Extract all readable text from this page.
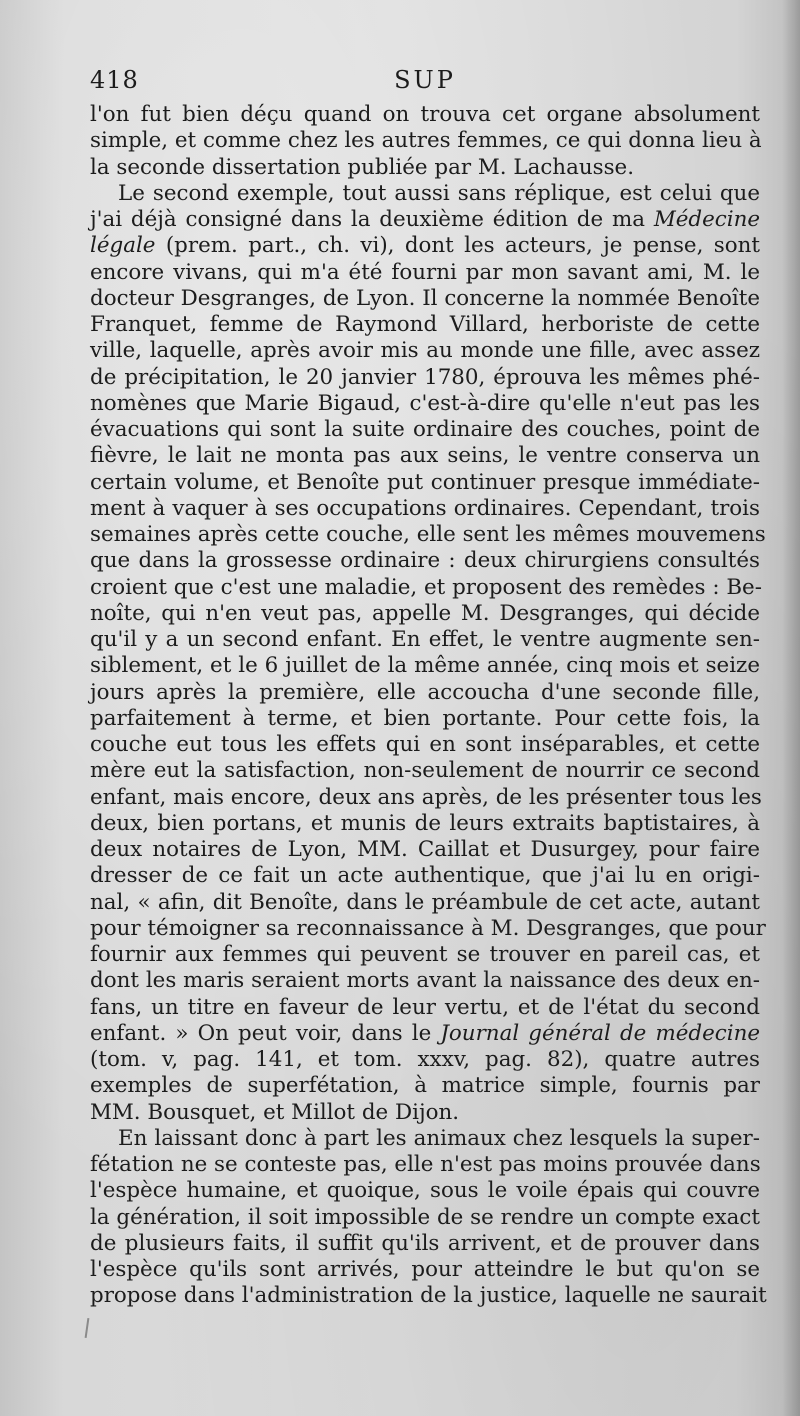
SUP
418
l'on fut bien déçu quand on trouva cet organe absolument
simple, et comme chez les autres femmes, ce qui donna lieu à
la seconde dissertation publiée par M. Lachausse.
Le second exemple, tout aussi sans réplique, est celui que
j'ai déjà consigné dans la deuxième édition de ma Médecine
légale (prem. part., ch. vi), dont les acteurs, je pense, sont
encore vivans, qui m'a été fourni par mon savant ami, M. le
docteur Desgranges, de Lyon. Il concerne la nommée Benoîte
Franquet, femme de Raymond Villard, herboriste de cette
ville, laquelle, après avoir mis au monde une fille, avec assez
de précipitation, le 20 janvier 1780, éprouva les mêmes phé-
nomènes que Marie Bigaud, c'est-à-dire qu'elle n'eut pas les
évacuations qui sont la suite ordinaire des couches, point de
fièvre, le lait ne monta pas aux seins, le ventre conserva un
certain volume, et Benoîte put continuer presque immédiate-
ment à vaquer à ses occupations ordinaires. Cependant, trois
semaines après cette couche, elle sent les mêmes mouvemens
que dans la grossesse ordinaire : deux chirurgiens consultés
croient que c'est une maladie, et proposent des remèdes : Be-
noîte, qui n'en veut pas, appelle M. Desgranges, qui décide
qu'il y a un second enfant. En effet, le ventre augmente sen-
siblement, et le 6 juillet de la même année, cinq mois et seize
jours après la première, elle accoucha d'une seconde fille,
parfaitement à terme, et bien portante. Pour cette fois, la
couche eut tous les effets qui en sont inséparables, et cette
mère eut la satisfaction, non-seulement de nourrir ce second
enfant, mais encore, deux ans après, de les présenter tous les
deux, bien portans, et munis de leurs extraits baptistaires, à
deux notaires de Lyon, MM. Caillat et Dusurgey, pour faire
dresser de ce fait un acte authentique, que j'ai lu en origi-
nal, « afin, dit Benoîte, dans le préambule de cet acte, autant
pour témoigner sa reconnaissance à M. Desgranges, que pour
fournir aux femmes qui peuvent se trouver en pareil cas, et
dont les maris seraient morts avant la naissance des deux en-
fans, un titre en faveur de leur vertu, et de l'état du second
enfant. » On peut voir, dans le Journal général de médecine
(tom. v, pag. 141, et tom. xxxv, pag. 82), quatre autres
exemples de superfétation, à matrice simple, fournis par
MM. Bousquet, et Millot de Dijon.
En laissant donc à part les animaux chez lesquels la super-
fétation ne se conteste pas, elle n'est pas moins prouvée dans
l'espèce humaine, et quoique, sous le voile épais qui couvre
la génération, il soit impossible de se rendre un compte exact
de plusieurs faits, il suffit qu'ils arrivent, et de prouver dans
l'espèce qu'ils sont arrivés, pour atteindre le but qu'on se
propose dans l'administration de la justice, laquelle ne saurait
